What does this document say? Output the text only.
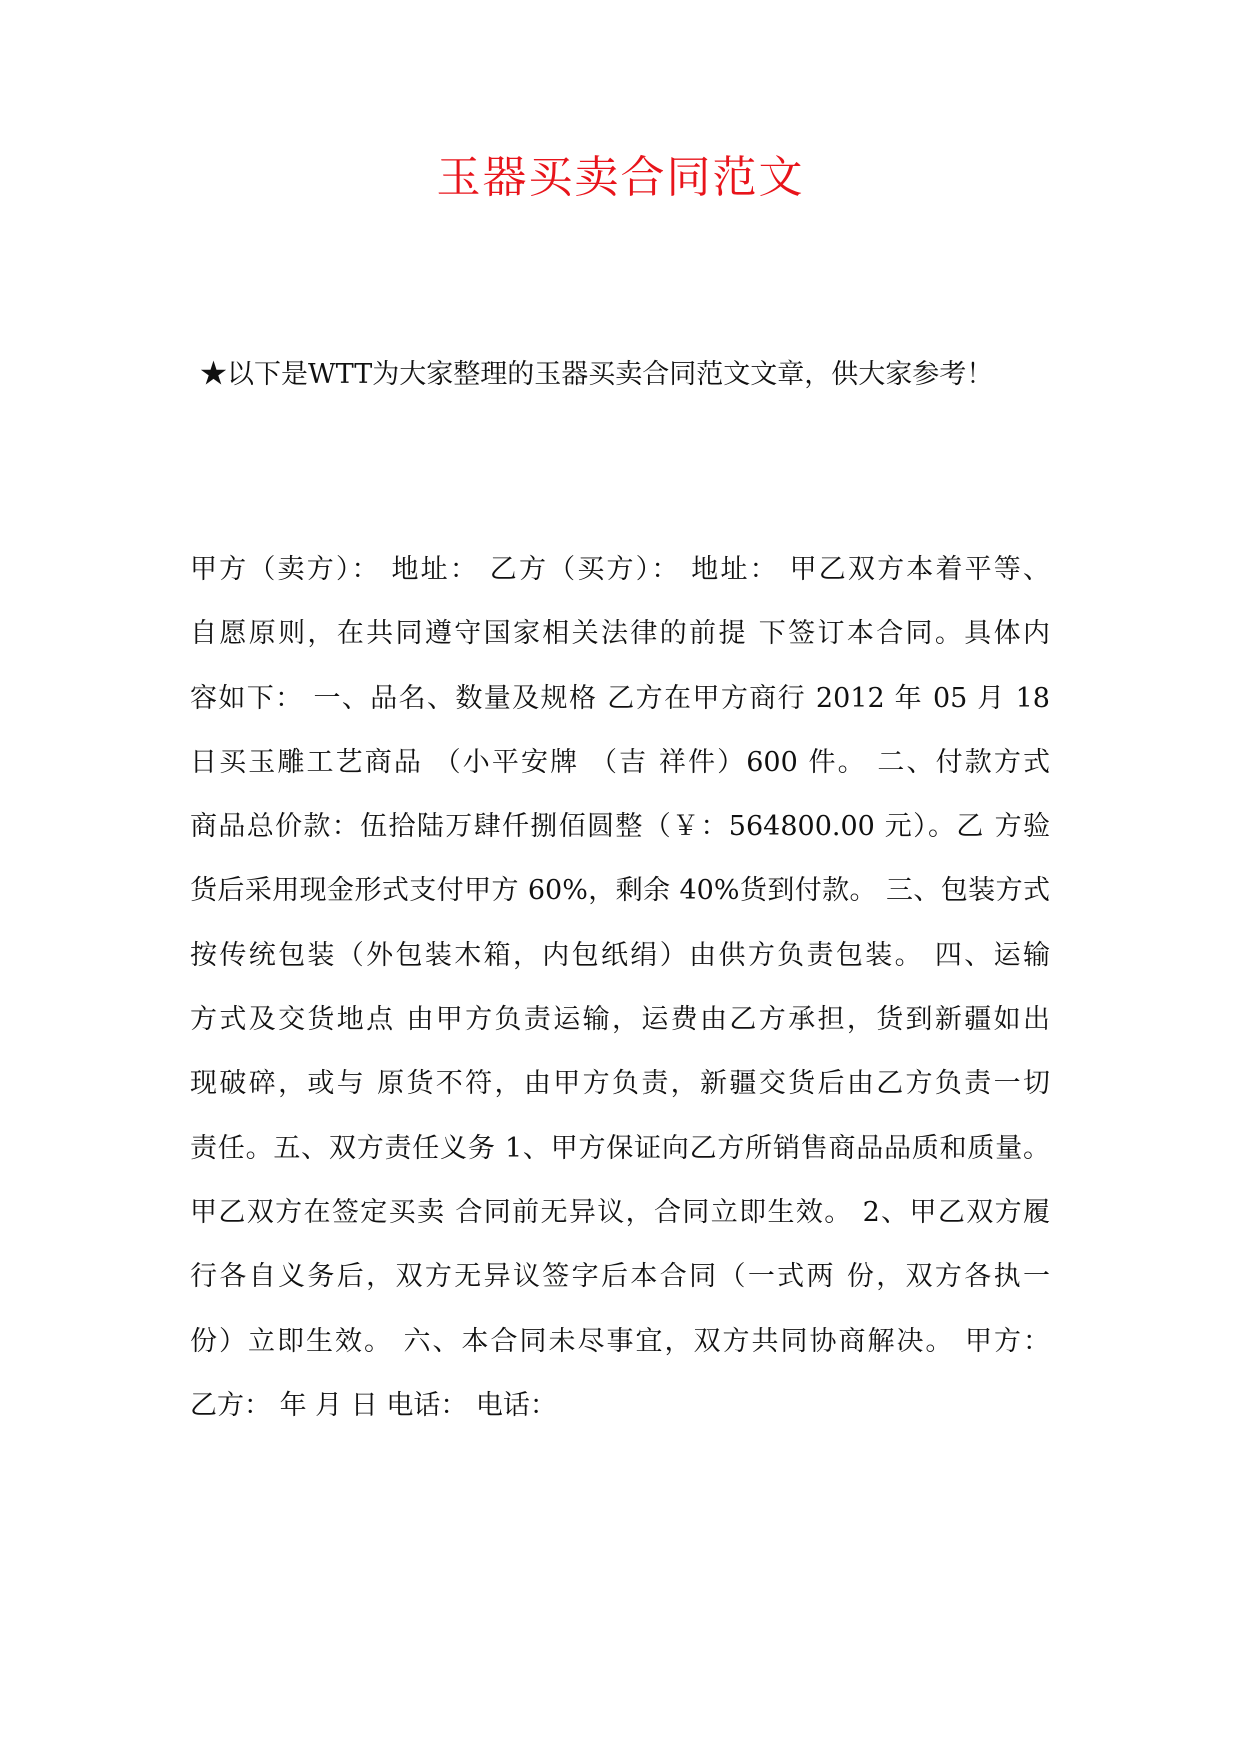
玉器买卖合同范文

★以下是WTT为大家整理的玉器买卖合同范文文章，供大家参考！

甲方（卖方）： 地址： 乙方（买方）： 地址： 甲乙双方本着平等、
自愿原则，在共同遵守国家相关法律的前提 下签订本合同。具体内
容如下： 一、品名、数量及规格 乙方在甲方商行 2012 年 05 月 18
日买玉雕工艺商品 （小平安牌 （吉 祥件）600 件。 二、付款方式
商品总价款：伍拾陆万肆仟捌佰圆整（￥：564800.00 元）。乙 方验
货后采用现金形式支付甲方 60%，剩余 40%货到付款。 三、包装方式
按传统包装（外包装木箱，内包纸绢）由供方负责包装。 四、运输
方式及交货地点 由甲方负责运输，运费由乙方承担，货到新疆如出
现破碎，或与 原货不符，由甲方负责，新疆交货后由乙方负责一切
责任。五、双方责任义务 1、甲方保证向乙方所销售商品品质和质量。
甲乙双方在签定买卖 合同前无异议，合同立即生效。 2、甲乙双方履
行各自义务后，双方无异议签字后本合同（一式两 份，双方各执一
份）立即生效。 六、本合同未尽事宜，双方共同协商解决。 甲方：
乙方： 年 月 日 电话： 电话：
